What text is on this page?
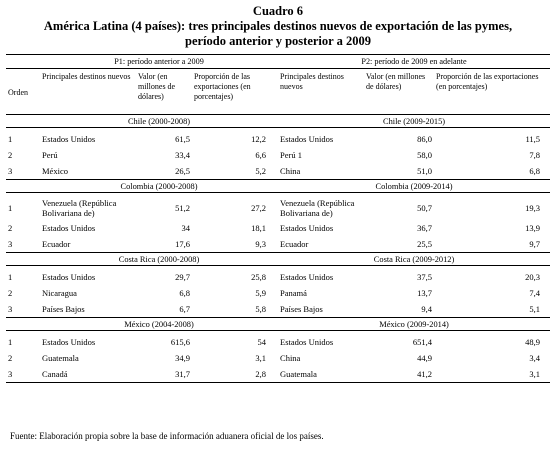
Cuadro 6
América Latina (4 países): tres principales destinos nuevos de exportación de las pymes,
período anterior y posterior a 2009
	P1: período anterior a 2009			P2: período de 2009 en adelante		
Orden	Principales destinos nuevos	Valor (en millones de dólares)	Proporción de las exportaciones (en porcentajes)	Principales destinos nuevos	Valor (en millones de dólares)	Proporción de las exportaciones (en porcentajes)
	Chile (2000-2008)			Chile (2009-2015)		
1	Estados Unidos	61,5	12,2	Estados Unidos	86,0	11,5
2	Perú	33,4	6,6	Perú 1	58,0	7,8
3	México	26,5	5,2	China	51,0	6,8
	Colombia (2000-2008)			Colombia (2009-2014)		
1	Venezuela (República Bolivariana de)	51,2	27,2	Venezuela (República Bolivariana de)	50,7	19,3
2	Estados Unidos	34	18,1	Estados Unidos	36,7	13,9
3	Ecuador	17,6	9,3	Ecuador	25,5	9,7
	Costa Rica (2000-2008)			Costa Rica (2009-2012)		
1	Estados Unidos	29,7	25,8	Estados Unidos	37,5	20,3
2	Nicaragua	6,8	5,9	Panamá	13,7	7,4
3	Países Bajos	6,7	5,8	Países Bajos	9,4	5,1
	México (2004-2008)			México (2009-2014)		
1	Estados Unidos	615,6	54	Estados Unidos	651,4	48,9
2	Guatemala	34,9	3,1	China	44,9	3,4
3	Canadá	31,7	2,8	Guatemala	41,2	3,1
Fuente: Elaboración propia sobre la base de información aduanera oficial de los países.
